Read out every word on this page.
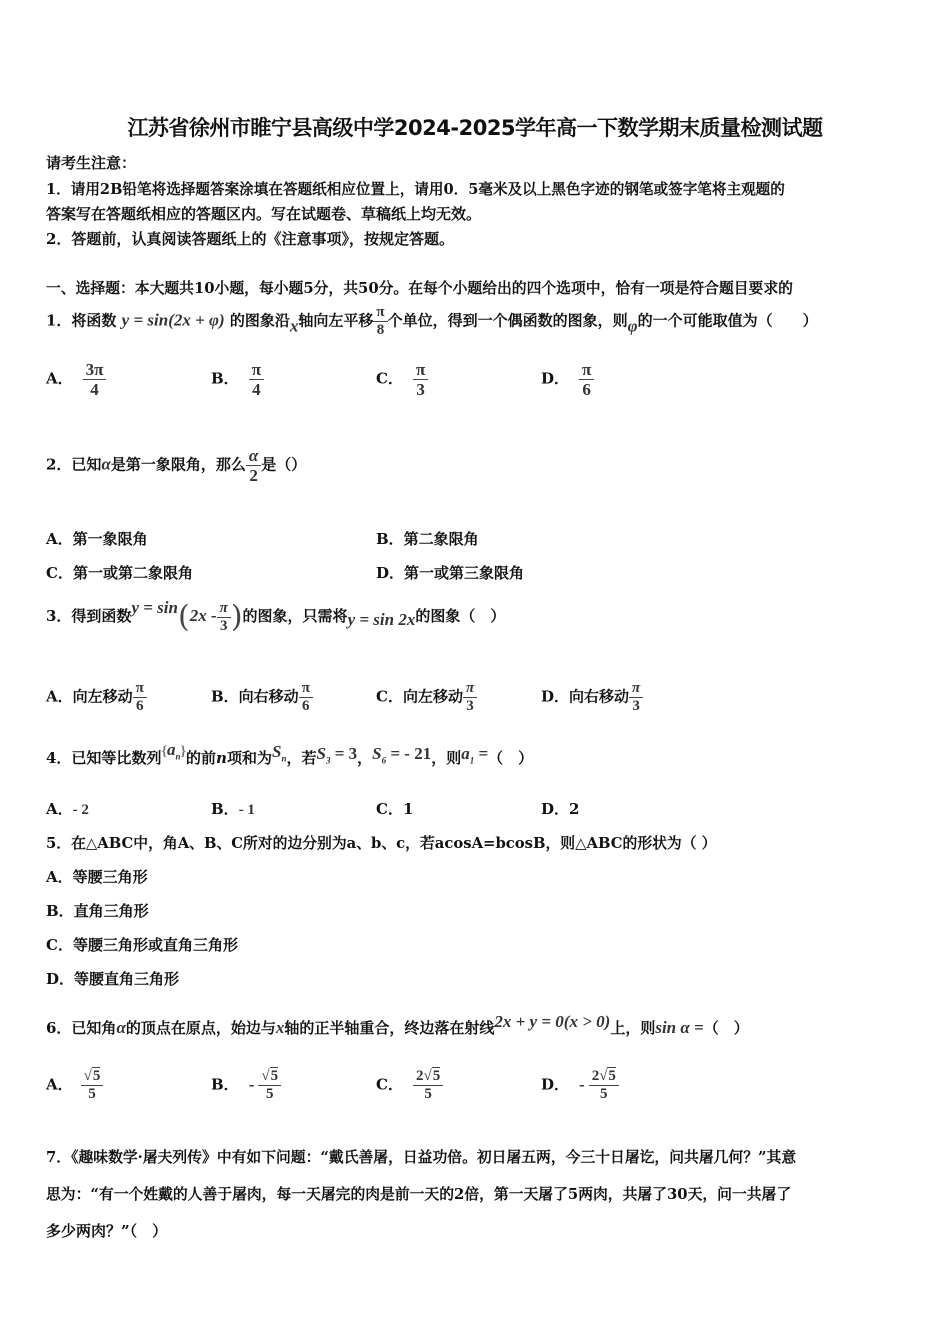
江苏省徐州市睢宁县高级中学2024-2025学年高一下数学期末质量检测试题
请考生注意：
1．请用2B铅笔将选择题答案涂填在答题纸相应位置上，请用0．5毫米及以上黑色字迹的钢笔或签字笔将主观题的
答案写在答题纸相应的答题区内。写在试题卷、草稿纸上均无效。
2．答题前，认真阅读答题纸上的《注意事项》，按规定答题。
一、选择题：本大题共10小题，每小题5分，共50分。在每个小题给出的四个选项中，恰有一项是符合题目要求的
1．将函数 y = sin(2x + φ) 的图象沿x轴向左平移 $\frac{\pi}{8}$ 个单位，得到一个偶函数的图象，则φ的一个可能取值为（　　）
A． $\frac{3\pi}{4}$	B． $\frac{\pi}{4}$	C． $\frac{\pi}{3}$	D． $\frac{\pi}{6}$
2．已知α是第一象限角，那么 $\frac{\alpha}{2}$ 是（）
A．第一象限角	B．第二象限角
C．第一或第二象限角	D．第一或第三象限角
3．得到函数$y = \sin(2x - \frac{\pi}{3}$ )的图象，只需将y = sin 2x的图象（　）
A．向左移动 $\frac{\pi}{6}$	B．向右移动 $\frac{\pi}{6}$	C．向左移动 $\frac{\pi}{3}$	D．向右移动 $\frac{\pi}{3}$
4．已知等比数列$\{a_n\}$的前n项和为$S_n$，若$S_3 = 3$，$S_6$ = - 21，则$a_1$ =（　）
A．- 2	B．- 1	C．1	D．2
5．在△ABC中，角A、B、C所对的边分别为a、b、c，若acosA=bcosB，则△ABC的形状为（ ）
A．等腰三角形
B．直角三角形
C．等腰三角形或直角三角形
D．等腰直角三角形
6．已知角α的顶点在原点，始边与x轴的正半轴重合，终边落在射线2x + y = 0(x > 0)上，则sin α =（　）
A． $\frac{√5}{5}$	B． - $\frac{√5}{5}$	C． $\frac{2√5}{5}$	D． - $\frac{2√5}{5}$
7．《趣味数学·屠夫列传》中有如下问题：“戴氏善屠，日益功倍。初日屠五两，今三十日屠讫，问共屠几何？”其意
思为：“有一个姓戴的人善于屠肉，每一天屠完的肉是前一天的2倍，第一天屠了5两肉，共屠了30天，问一共屠了
多少两肉？”（　）
